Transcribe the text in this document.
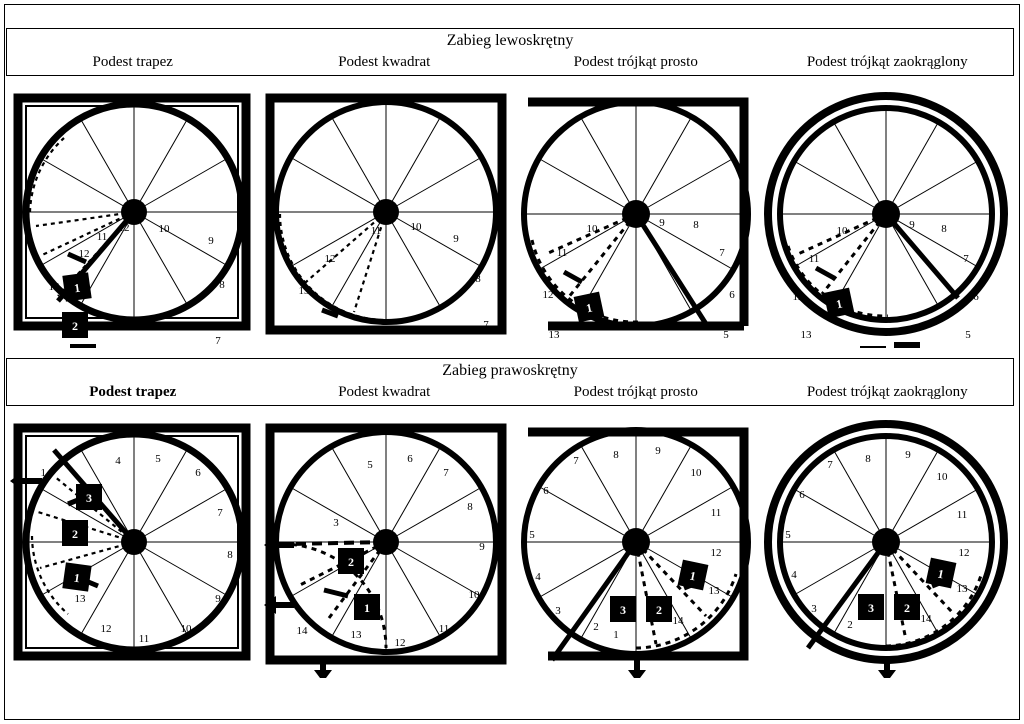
Zabieg lewoskrętny
Podest trapez	Podest kwadrat	Podest trójkąt prosto	Podest trójkąt zaokrąglony
12
11
10
9
8
7
12
13 1
2
11	10
9
8
7
12
13
9	8
7
6
5
10
11
12
13
1
9 8
7
6
5
10
11
12
13
1
Zabieg prawoskrętny
Podest trapez	Podest kwadrat	Podest trójkąt prosto	Podest trójkąt zaokrąglony
4	5
6
7
8
9
10
11
12
13
14
3
2
1
5	6
7
8
9
10
11
12
13
3
14
2
1
8	9
10
11
7
6
5
4
3
2
1
1
2
3
12
13
14
8	9
10
11
7
6
5
4
3
2
1
2
3
12
13
14
